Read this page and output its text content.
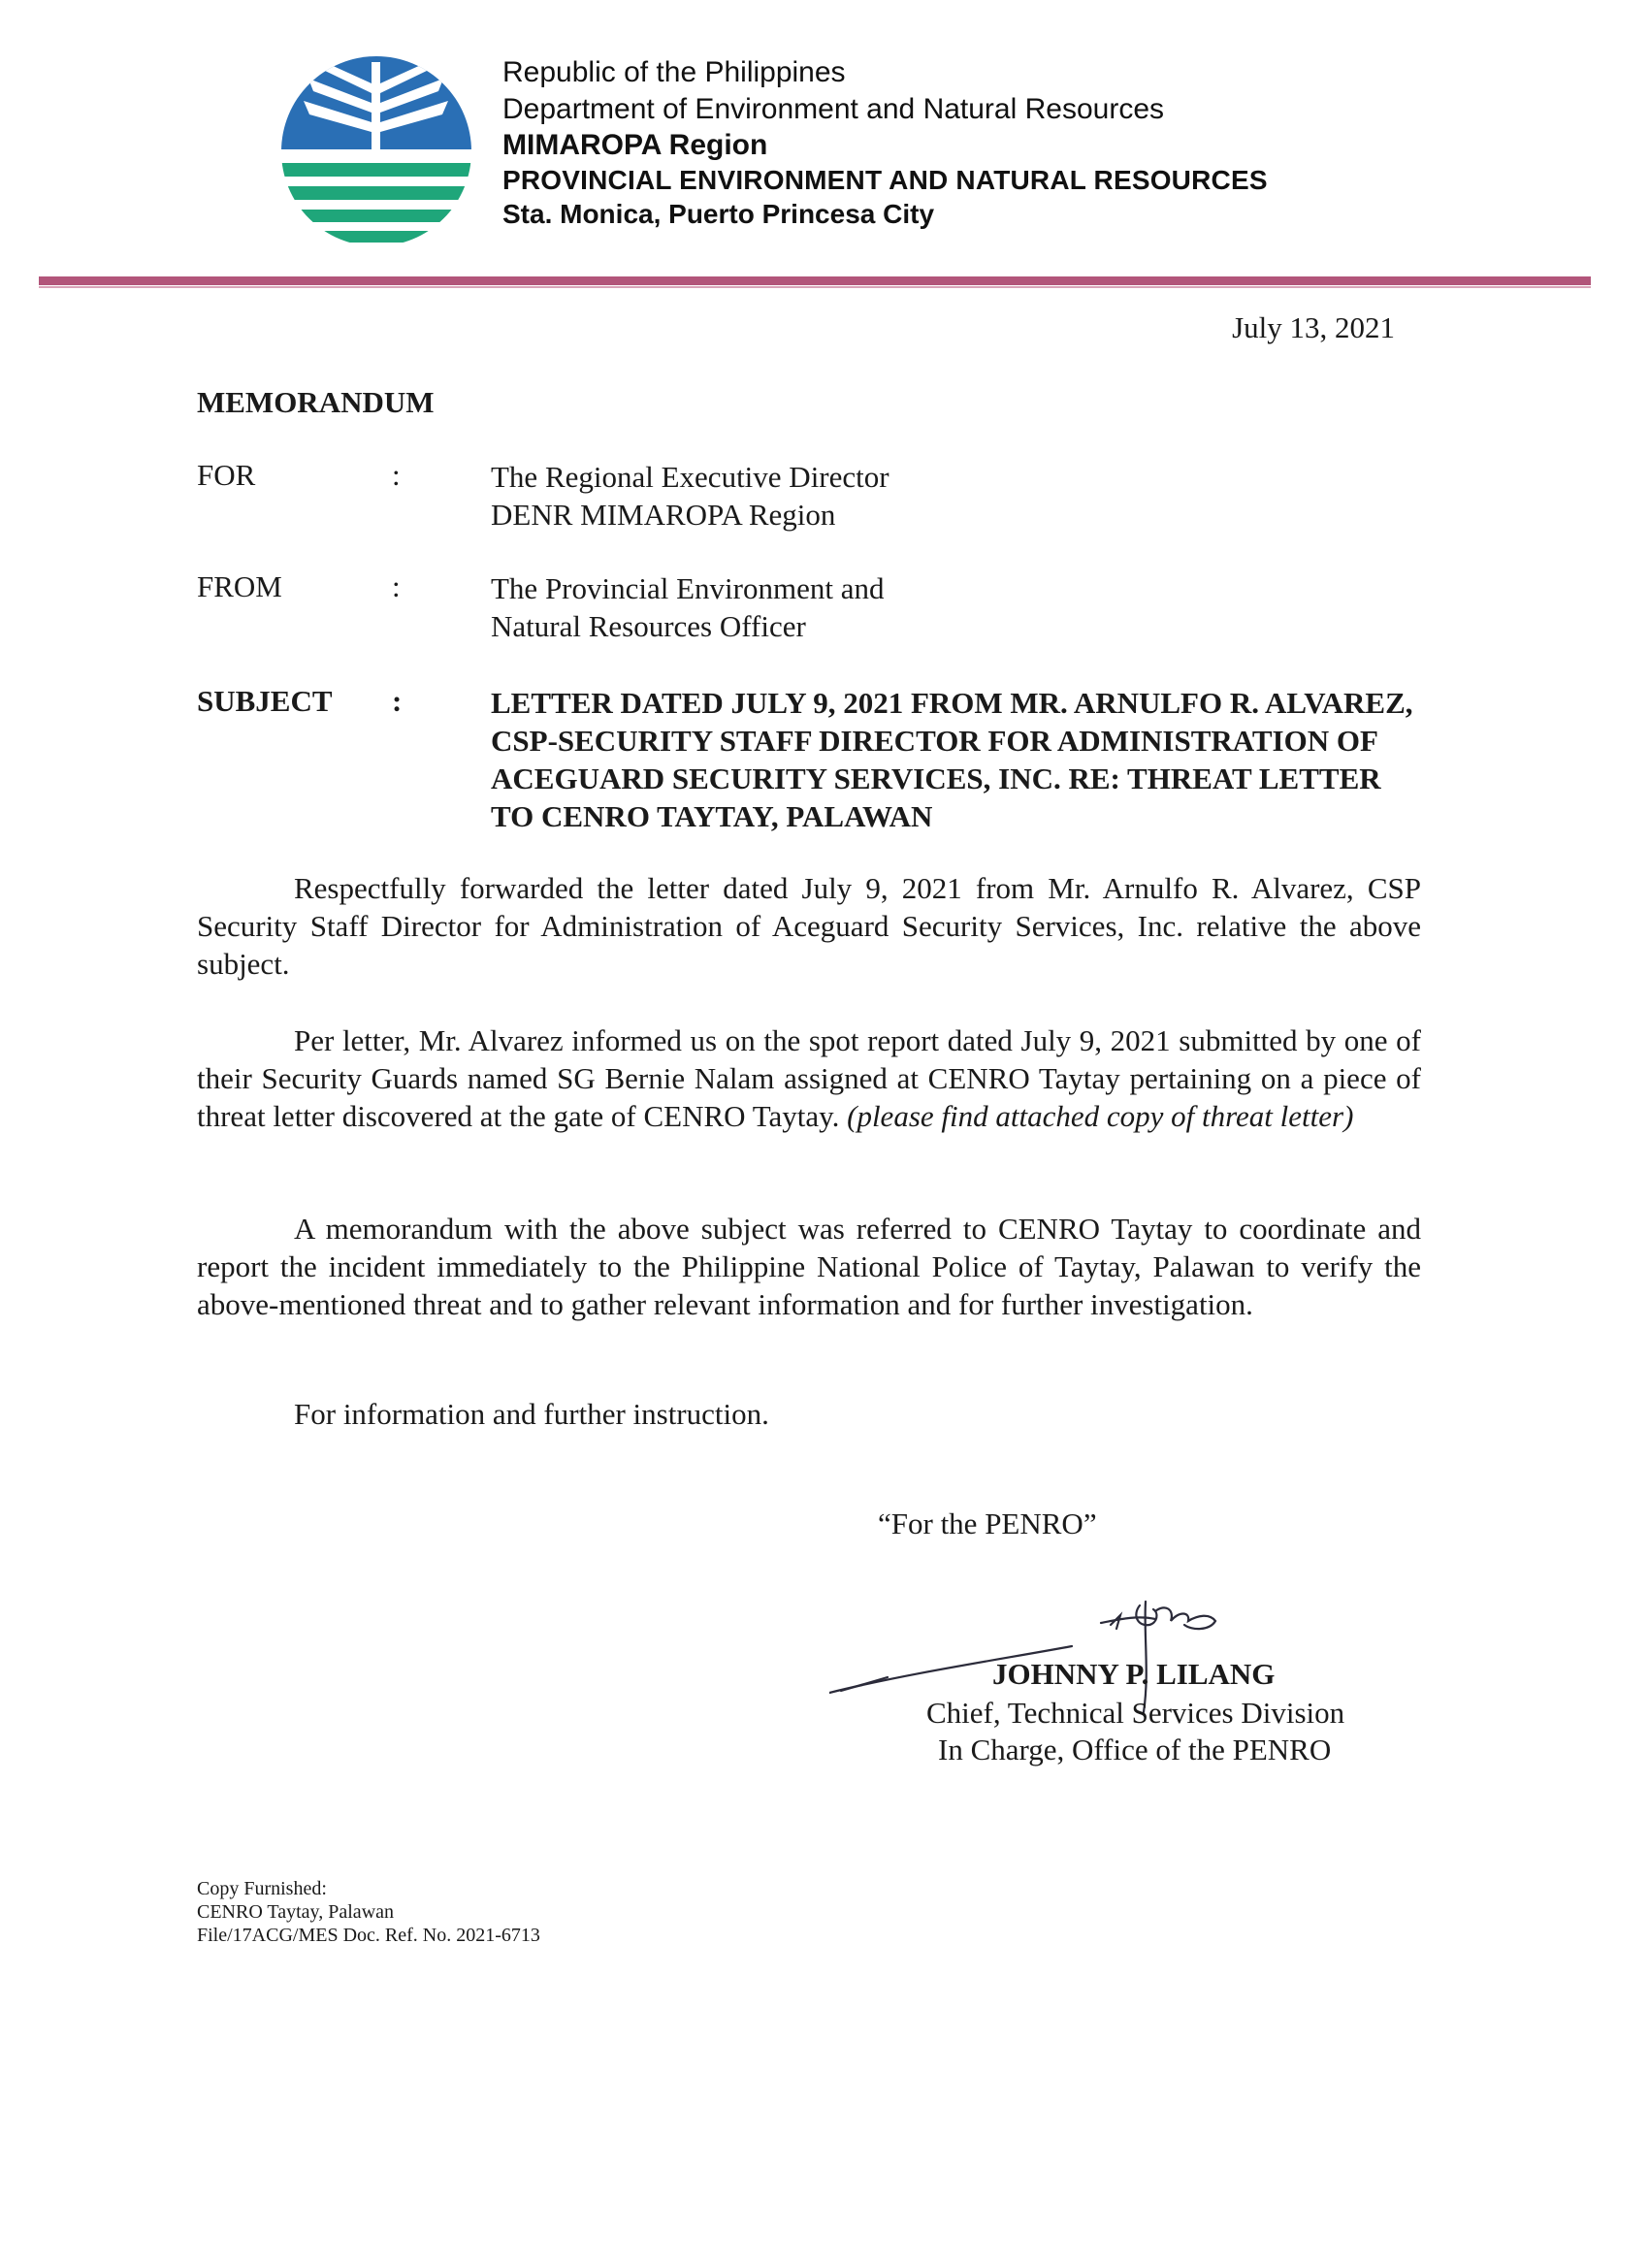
Republic of the Philippines
Department of Environment and Natural Resources
MIMAROPA Region
PROVINCIAL ENVIRONMENT AND NATURAL RESOURCES
Sta. Monica, Puerto Princesa City
July 13, 2021
MEMORANDUM
FOR	:	The Regional Executive Director
DENR MIMAROPA Region
FROM	:	The Provincial Environment and
Natural Resources Officer
SUBJECT :	LETTER DATED JULY 9, 2021 FROM MR. ARNULFO R. ALVAREZ, CSP-SECURITY STAFF DIRECTOR FOR ADMINISTRATION OF ACEGUARD SECURITY SERVICES, INC. RE: THREAT LETTER TO CENRO TAYTAY, PALAWAN
Respectfully forwarded the letter dated July 9, 2021 from Mr. Arnulfo R. Alvarez, CSP Security Staff Director for Administration of Aceguard Security Services, Inc. relative the above subject.
Per letter, Mr. Alvarez informed us on the spot report dated July 9, 2021 submitted by one of their Security Guards named SG Bernie Nalam assigned at CENRO Taytay pertaining on a piece of threat letter discovered at the gate of CENRO Taytay. (please find attached copy of threat letter)
A memorandum with the above subject was referred to CENRO Taytay to coordinate and report the incident immediately to the Philippine National Police of Taytay, Palawan to verify the above-mentioned threat and to gather relevant information and for further investigation.
For information and further instruction.
“For the PENRO”
JOHNNY P. LILANG
Chief, Technical Services Division
In Charge, Office of the PENRO
Copy Furnished:
CENRO Taytay, Palawan
File/17ACG/MES Doc. Ref. No. 2021-6713
